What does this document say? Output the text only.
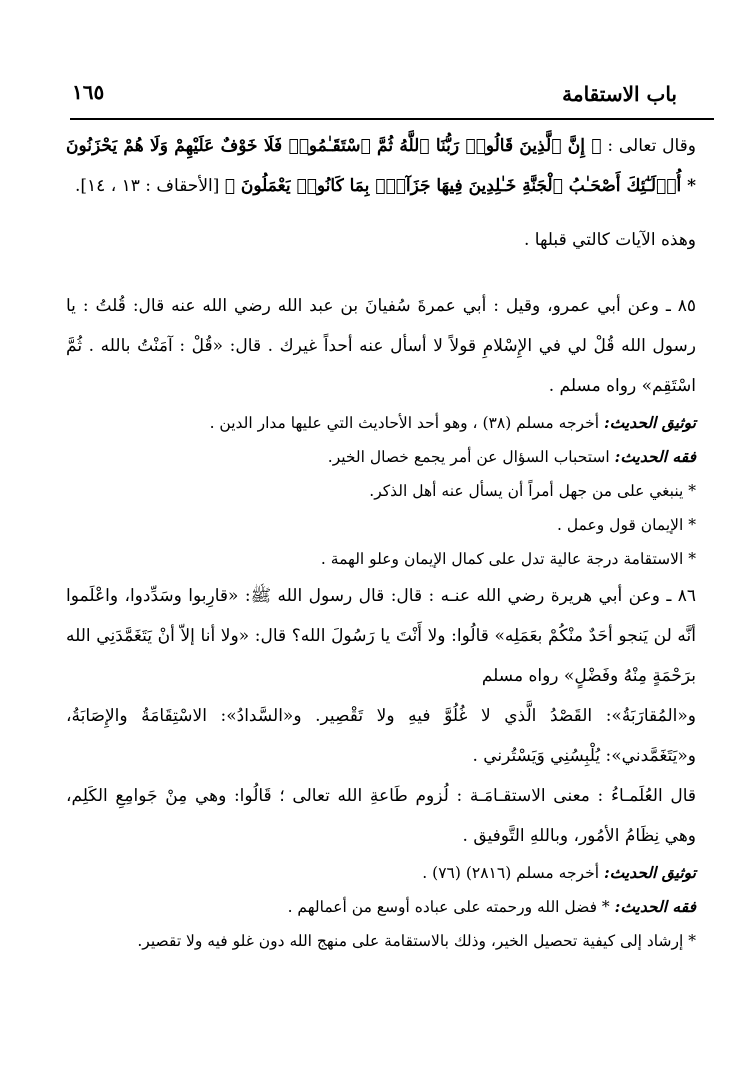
باب الاستقامة
١٦٥

وقال تعالى : ﴿ إِنَّ ٱلَّذِينَ قَالُوا۟ رَبُّنَا ٱللَّهُ ثُمَّ ٱسْتَقَـٰمُوا۟ فَلَا خَوْفٌ عَلَيْهِمْ وَلَا هُمْ يَحْزَنُونَ * أُو۟لَـٰٓئِكَ أَصْحَـٰبُ ٱلْجَنَّةِ خَـٰلِدِينَ فِيهَا جَزَآءًۢ بِمَا كَانُوا۟ يَعْمَلُونَ ﴾ [الأحقاف : ١٣ ، ١٤].

وهذه الآيات كالتي قبلها .

٨٥ ـ وعن أبي عمرو، وقيل : أبي عمرةَ سُفيانَ بن عبد الله رضي الله عنه قال: قُلتُ : يا رسول الله قُلْ لي في الإِسْلامِ قولاً لا أسأل عنه أحداً غيرك . قال: «قُلْ : آمَنْتُ بالله . ثُمَّ اسْتَقِم» رواه مسلم .

توثيق الحديث: أخرجه مسلم (٣٨) ، وهو أحد الأحاديث التي عليها مدار الدين .

فقه الحديث: استحباب السؤال عن أمر يجمع خصال الخير.

* ينبغي على من جهل أمراً أن يسأل عنه أهل الذكر.

* الإيمان قول وعمل .

* الاستقامة درجة عالية تدل على كمال الإيمان وعلو الهمة .

٨٦ ـ وعن أبي هريرة رضي الله عنـه : قال: قال رسول الله ﷺ: «قارِبوا وسَدِّدوا، واعْلَموا أنَّه لن يَنجو أحَدٌ منْكُمْ بعَمَلِه» قالُوا: ولا أَنْتَ يا رَسُولَ الله؟ قال: «ولا أنا إلاّ أنْ يَتَغَمَّدَنِي الله برَحْمَةٍ مِنْهُ وفَضْلٍ» رواه مسلم

و«المُقارَبَةُ»: القَصْدُ الَّذي لا غُلُوَّ فيهِ ولا تَقْصِير. و«السَّدادُ»: الاسْتِقَامَةُ والإِصَابَةُ، و«يَتَغَمَّدني»: يُلْبِسُنِي وَيَسْتُرني .

قال العُلَمـاءُ : معنى الاستقـامَـة : لُزوم طَاعةِ الله تعالى ؛ قَالُوا: وهي مِنْ جَوامِعِ الكَلِم، وهي نِظَامُ الأمُور، وباللهِ التَّوفيق .

توثيق الحديث: أخرجه مسلم (٢٨١٦) (٧٦) .

فقه الحديث: * فضل الله ورحمته على عباده أوسع من أعمالهم .

* إرشاد إلى كيفية تحصيل الخير، وذلك بالاستقامة على منهج الله دون غلو فيه ولا تقصير.
